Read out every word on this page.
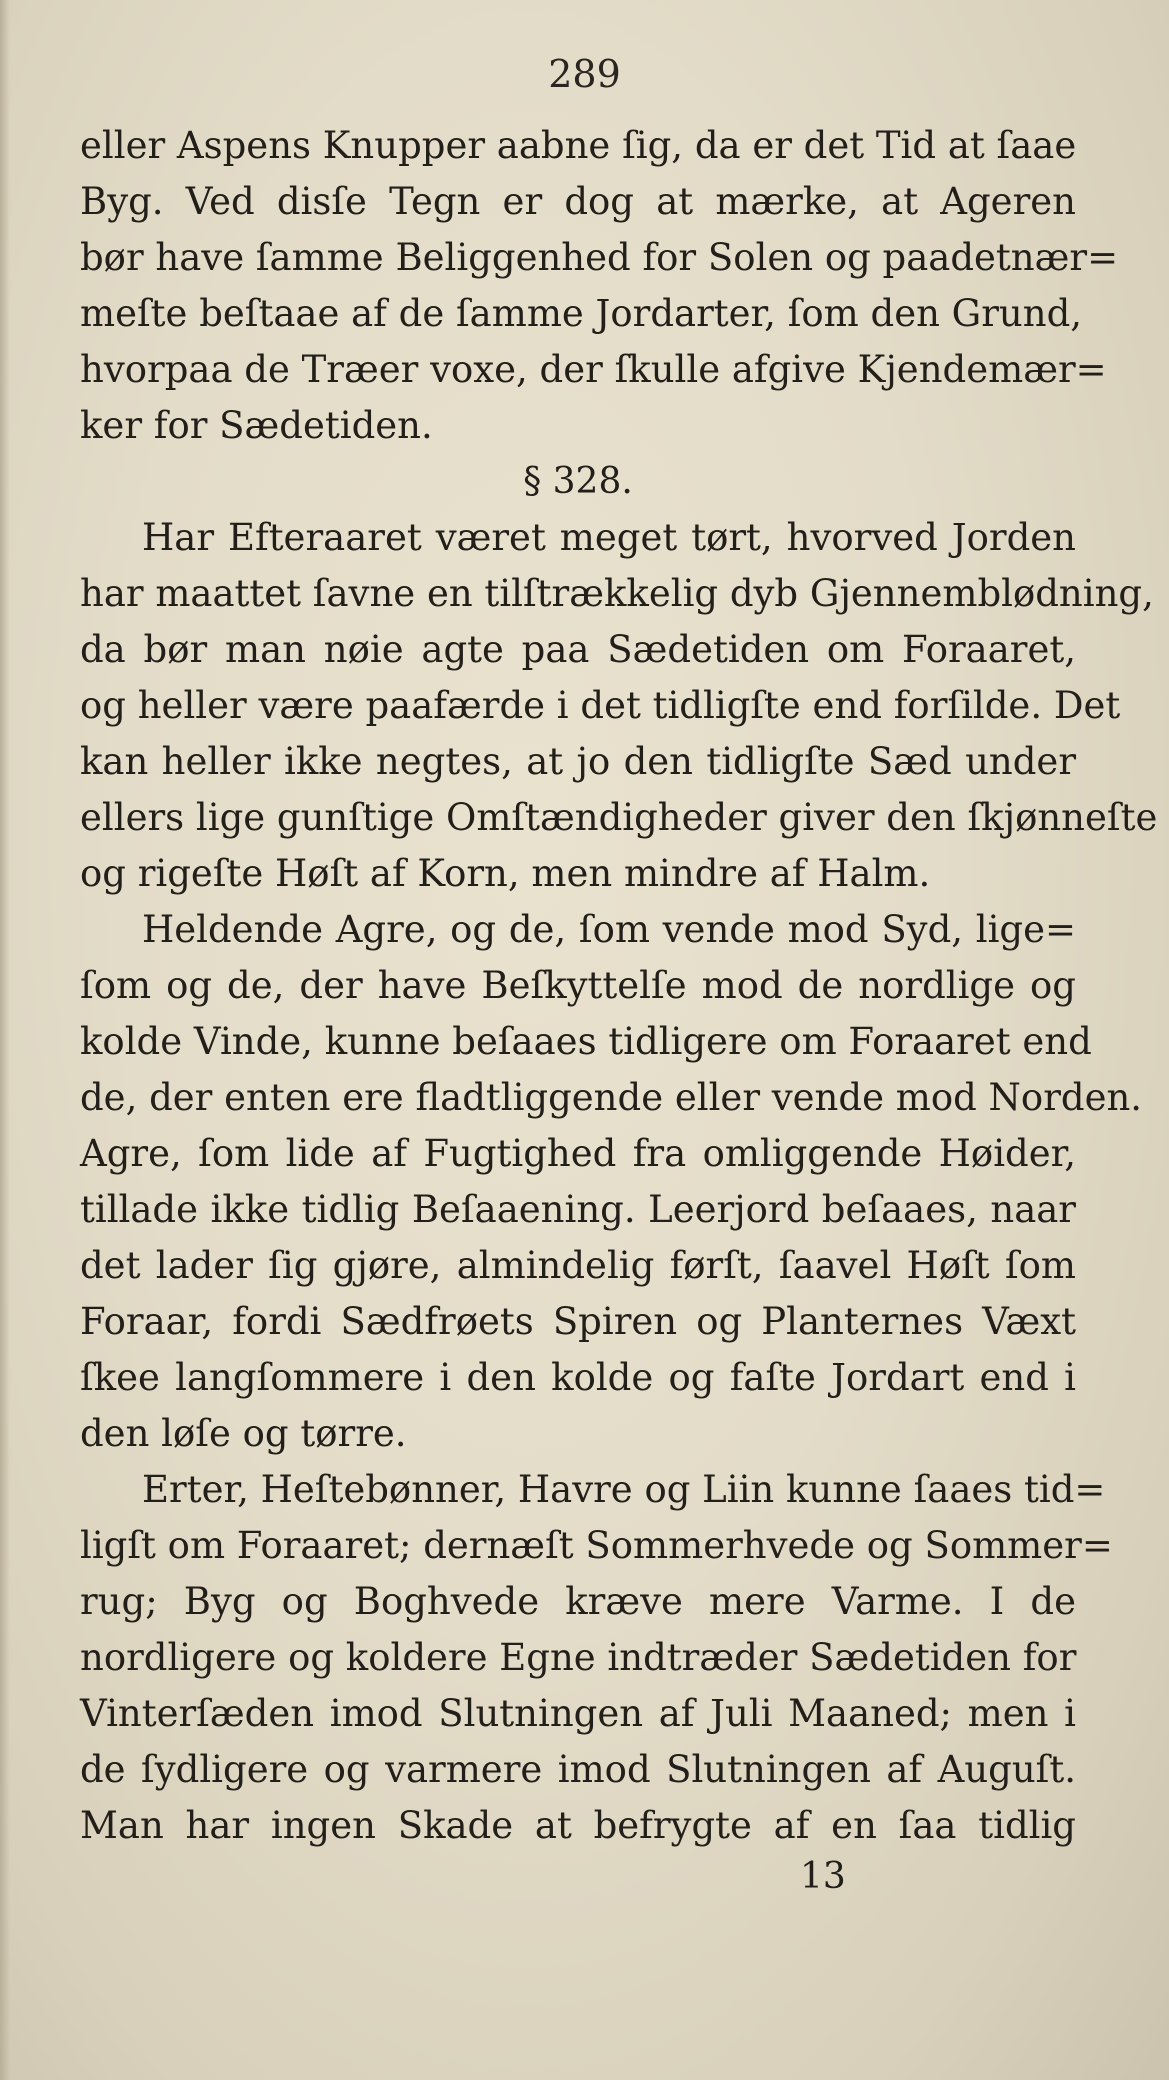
289
eller Aspens Knupper aabne ſig, da er det Tid at ſaae
Byg. Ved disſe Tegn er dog at mærke, at Ageren
bør have ſamme Beliggenhed for Solen og paadetnær=
meſte beſtaae af de ſamme Jordarter, ſom den Grund,
hvorpaa de Træer voxe, der ſkulle afgive Kjendemær=
ker for Sædetiden.
§ 328.
Har Efteraaret været meget tørt, hvorved Jorden
har maattet ſavne en tilſtrækkelig dyb Gjennemblødning,
da bør man nøie agte paa Sædetiden om Foraaret,
og heller være paafærde i det tidligſte end forſilde. Det
kan heller ikke negtes, at jo den tidligſte Sæd under
ellers lige gunſtige Omſtændigheder giver den ſkjønneſte
og rigeſte Høſt af Korn, men mindre af Halm.
Heldende Agre, og de, ſom vende mod Syd, lige=
ſom og de, der have Beſkyttelſe mod de nordlige og
kolde Vinde, kunne beſaaes tidligere om Foraaret end
de, der enten ere fladtliggende eller vende mod Norden.
Agre, ſom lide af Fugtighed fra omliggende Høider,
tillade ikke tidlig Beſaaening. Leerjord beſaaes, naar
det lader ſig gjøre, almindelig førſt, ſaavel Høſt ſom
Foraar, fordi Sædfrøets Spiren og Planternes Væxt
ſkee langſommere i den kolde og faſte Jordart end i
den løſe og tørre.
Erter, Heſtebønner, Havre og Liin kunne ſaaes tid=
ligſt om Foraaret; dernæſt Sommerhvede og Sommer=
rug; Byg og Boghvede kræve mere Varme. I de
nordligere og koldere Egne indtræder Sædetiden for
Vinterſæden imod Slutningen af Juli Maaned; men i
de ſydligere og varmere imod Slutningen af Auguſt.
Man har ingen Skade at befrygte af en ſaa tidlig
13
